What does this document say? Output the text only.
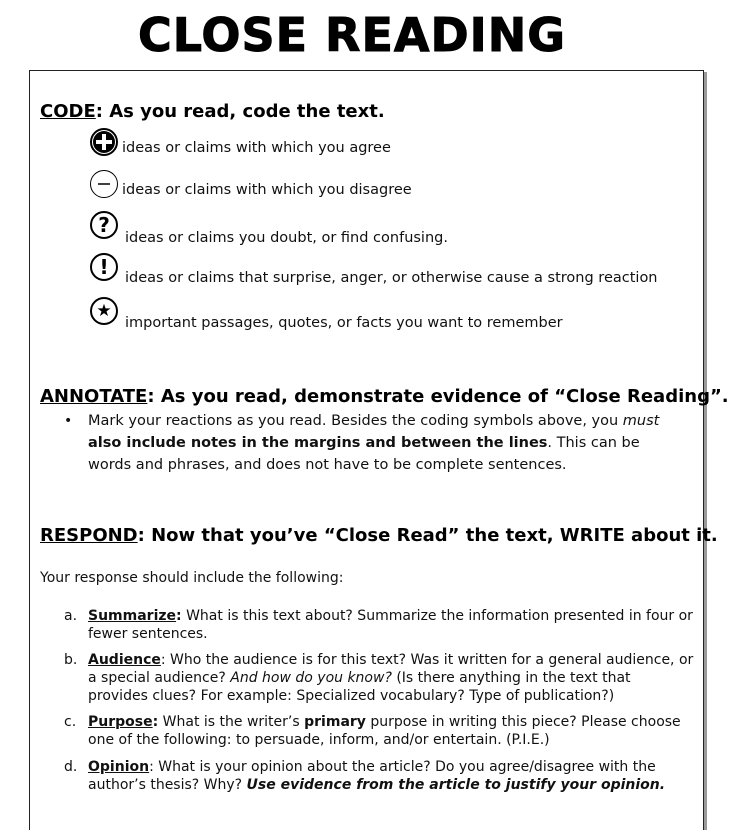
CLOSE READING
CODE: As you read, code the text.
ideas or claims with which you agree
ideas or claims with which you disagree
?
ideas or claims you doubt, or find confusing.
!	ideas or claims that surprise, anger, or otherwise cause a strong reaction
★
important passages, quotes, or facts you want to remember
ANNOTATE: As you read, demonstrate evidence of “Close Reading”.
• Mark your reactions as you read. Besides the coding symbols above, you must also include notes in the margins and between the lines. This can be words and phrases, and does not have to be complete sentences.
RESPOND: Now that you’ve “Close Read” the text, WRITE about it.
Your response should include the following:
a. Summarize: What is this text about? Summarize the information presented in four or fewer sentences.
b. Audience: Who the audience is for this text? Was it written for a general audience, or a special audience? And how do you know? (Is there anything in the text that provides clues? For example: Specialized vocabulary? Type of publication?)
c. Purpose: What is the writer’s primary purpose in writing this piece? Please choose one of the following: to persuade, inform, and/or entertain. (P.I.E.)
d. Opinion: What is your opinion about the article? Do you agree/disagree with the author’s thesis? Why? Use evidence from the article to justify your opinion.
